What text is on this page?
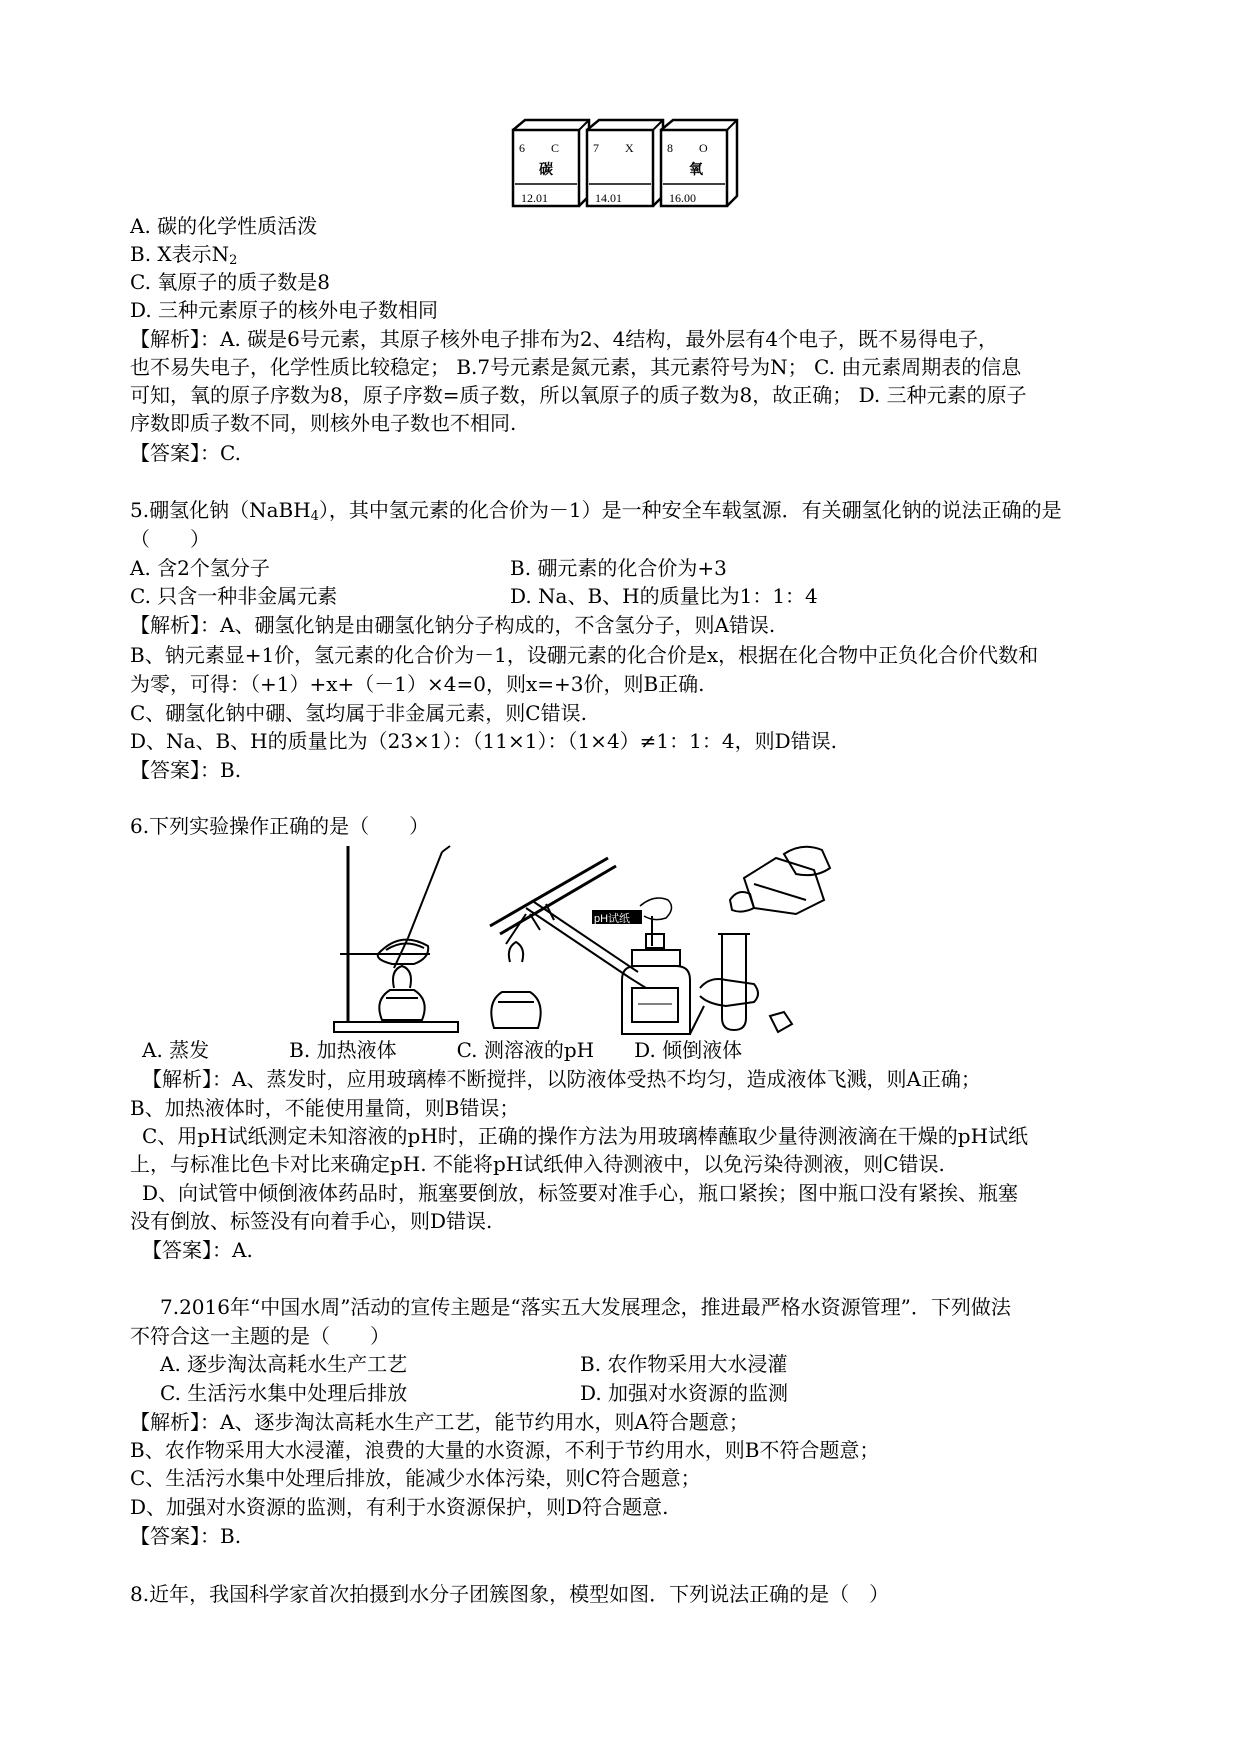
6 C
碳
12.01
7 X
14.01
8 O
氧
16.00
A. 碳的化学性质活泼
B. X表示$N_2$
C. 氧原子的质子数是8
D. 三种元素原子的核外电子数相同
【解析】：A. 碳是6号元素，其原子核外电子排布为2、4结构，最外层有4个电子，既不易得电子，
也不易失电子，化学性质比较稳定； B.7号元素是氮元素，其元素符号为N； C. 由元素周期表的信息
可知，氧的原子序数为8，原子序数=质子数，所以氧原子的质子数为8，故正确； D. 三种元素的原子
序数即质子数不同，则核外电子数也不相同.
【答案】：C.
5.硼氢化钠（NaBH$_4$），其中氢元素的化合价为－1）是一种安全车载氢源．有关硼氢化钠的说法正确的是
（　　）
A. 含2个氢分子	B. 硼元素的化合价为+3
C. 只含一种非金属元素	D. Na、B、H的质量比为1：1：4
【解析】：A、硼氢化钠是由硼氢化钠分子构成的，不含氢分子，则A错误.
B、钠元素显+1价，氢元素的化合价为－1，设硼元素的化合价是x，根据在化合物中正负化合价代数和
为零，可得：（+1）+x+（－1）×4=0，则x=+3价，则B正确.
C、硼氢化钠中硼、氢均属于非金属元素，则C错误.
D、Na、B、H的质量比为（23×1）：（11×1）：（1×4）≠1：1：4，则D错误.
【答案】：B.
6.下列实验操作正确的是（　　）
pH试纸
A. 蒸发　　　　B. 加热液体　　　C. 测溶液的pH　　D. 倾倒液体
【解析】：A、蒸发时，应用玻璃棒不断搅拌，以防液体受热不均匀，造成液体飞溅，则A正确；
B、加热液体时，不能使用量筒，则B错误；
C、用pH试纸测定未知溶液的pH时，正确的操作方法为用玻璃棒蘸取少量待测液滴在干燥的pH试纸
上，与标准比色卡对比来确定pH. 不能将pH试纸伸入待测液中，以免污染待测液，则C错误.
D、向试管中倾倒液体药品时，瓶塞要倒放，标签要对准手心，瓶口紧挨；图中瓶口没有紧挨、瓶塞
没有倒放、标签没有向着手心，则D错误.
【答案】：A.
7.2016年“中国水周”活动的宣传主题是“落实五大发展理念，推进最严格水资源管理”．下列做法
不符合这一主题的是（　　）
A. 逐步淘汰高耗水生产工艺	B. 农作物采用大水浸灌
C. 生活污水集中处理后排放	D. 加强对水资源的监测
【解析】：A、逐步淘汰高耗水生产工艺，能节约用水，则A符合题意；
B、农作物采用大水浸灌，浪费的大量的水资源，不利于节约用水，则B不符合题意；
C、生活污水集中处理后排放，能减少水体污染，则C符合题意；
D、加强对水资源的监测，有利于水资源保护，则D符合题意.
【答案】：B.
8.近年，我国科学家首次拍摄到水分子团簇图象，模型如图．下列说法正确的是（　）
